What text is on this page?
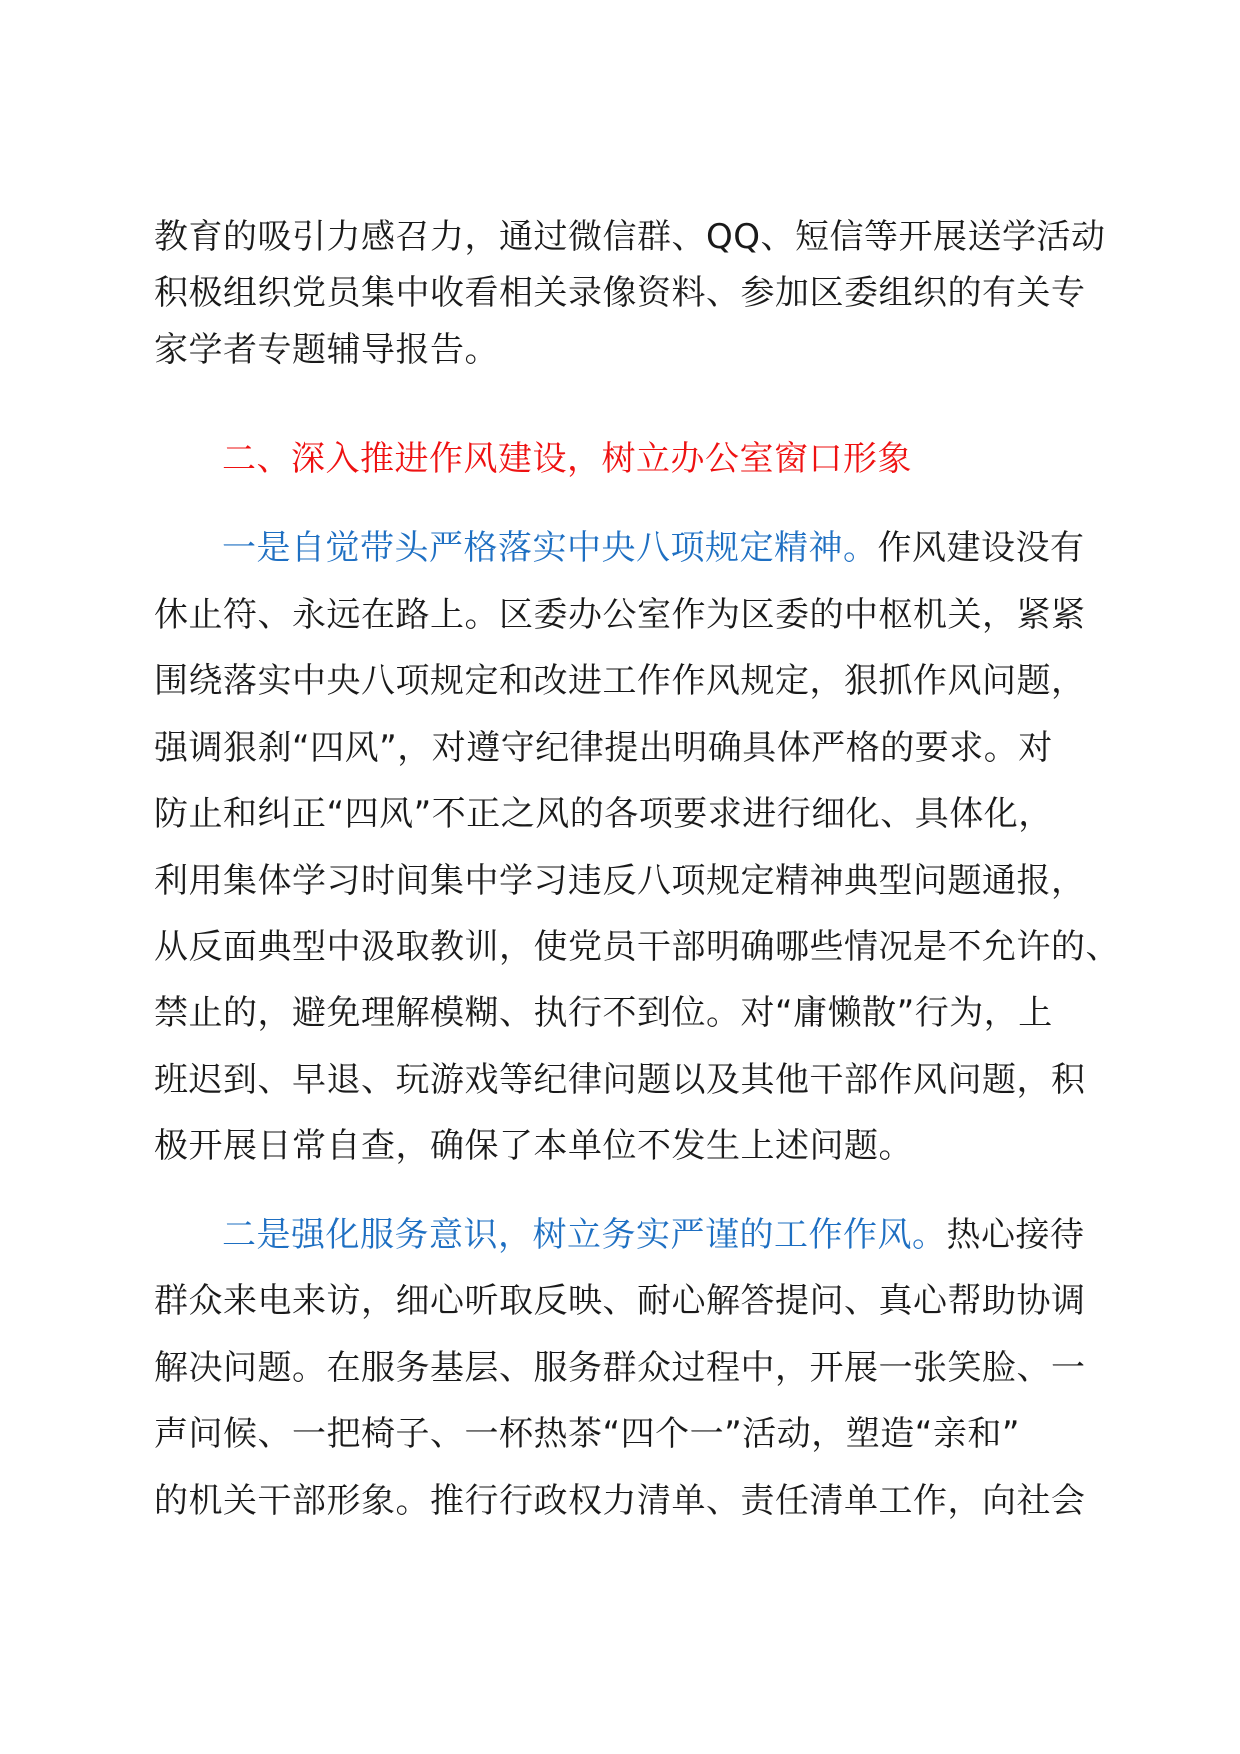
教育的吸引力感召力，通过微信群、QQ、短信等开展送学活动
积极组织党员集中收看相关录像资料、参加区委组织的有关专
家学者专题辅导报告。
二、深入推进作风建设，树立办公室窗口形象
一是自觉带头严格落实中央八项规定精神。作风建设没有
休止符、永远在路上。区委办公室作为区委的中枢机关，紧紧
围绕落实中央八项规定和改进工作作风规定，狠抓作风问题，
强调狠刹“四风”，对遵守纪律提出明确具体严格的要求。对
防止和纠正“四风”不正之风的各项要求进行细化、具体化，
利用集体学习时间集中学习违反八项规定精神典型问题通报，
从反面典型中汲取教训，使党员干部明确哪些情况是不允许的、
禁止的，避免理解模糊、执行不到位。对“庸懒散”行为，上
班迟到、早退、玩游戏等纪律问题以及其他干部作风问题，积
极开展日常自查，确保了本单位不发生上述问题。
二是强化服务意识，树立务实严谨的工作作风。热心接待
群众来电来访，细心听取反映、耐心解答提问、真心帮助协调
解决问题。在服务基层、服务群众过程中，开展一张笑脸、一
声问候、一把椅子、一杯热茶“四个一”活动，塑造“亲和”
的机关干部形象。推行行政权力清单、责任清单工作，向社会
